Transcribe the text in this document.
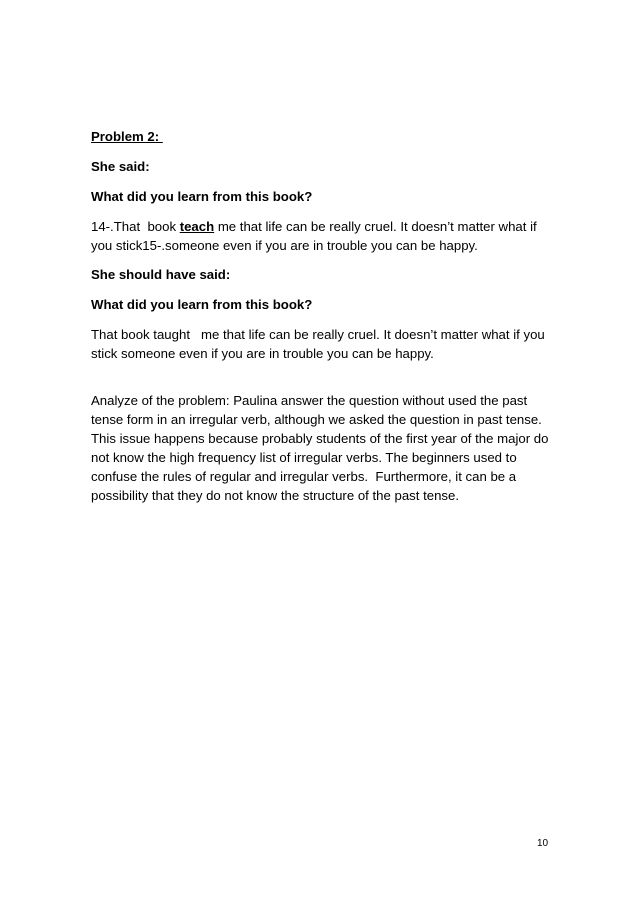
Problem 2:

She said:

What did you learn from this book?

14-.That  book teach me that life can be really cruel. It doesn’t matter what if
you stick15-.someone even if you are in trouble you can be happy.

She should have said:

What did you learn from this book?

That book taught   me that life can be really cruel. It doesn’t matter what if you
stick someone even if you are in trouble you can be happy.

Analyze of the problem: Paulina answer the question without used the past
tense form in an irregular verb, although we asked the question in past tense.
This issue happens because probably students of the first year of the major do
not know the high frequency list of irregular verbs. The beginners used to
confuse the rules of regular and irregular verbs.  Furthermore, it can be a
possibility that they do not know the structure of the past tense.

10
